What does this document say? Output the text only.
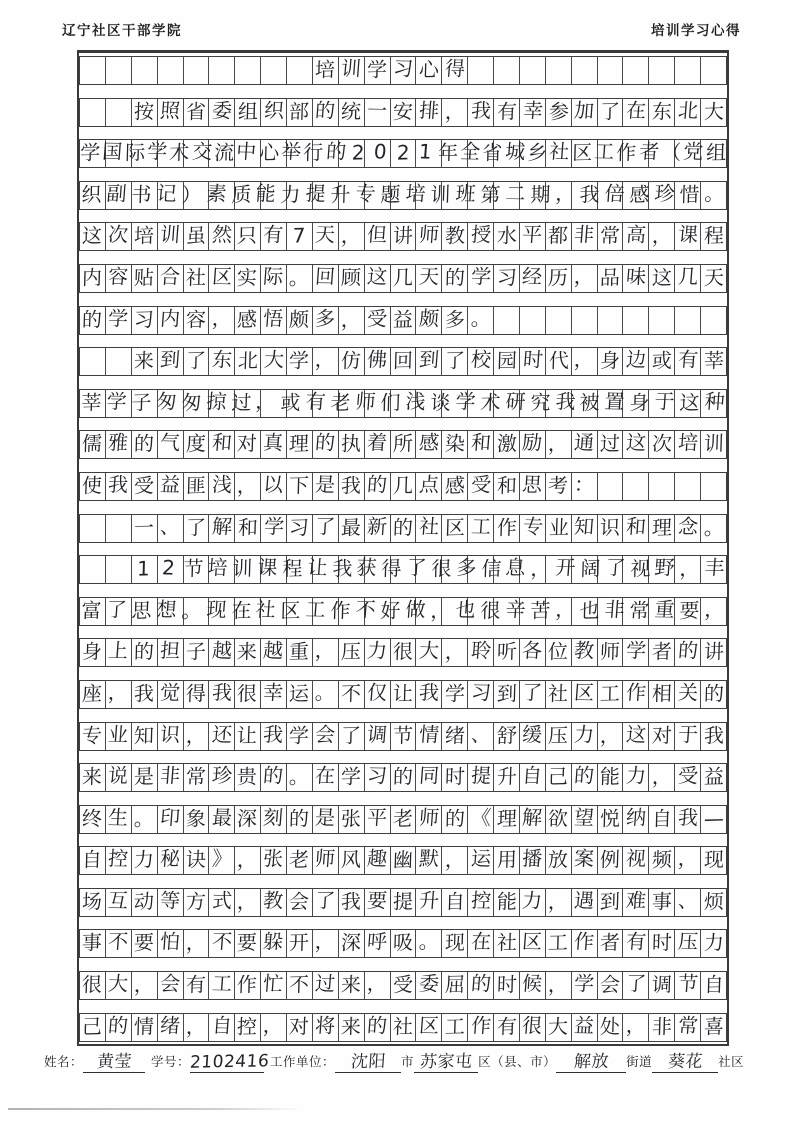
辽宁社区干部学院	培训学习心得
培 训 学 习 心 得
按 照 省 委 组 织 部 的 统 一 安 排 ， 我 有 幸 参 加 了 在 东 北 大
学 国 际 学 术 交 流 中 心 举 行 的 2 0 2 1 年 全 省 城 乡 社 区 工 作 者 （ 党 组
织 副 书 记 ） 素 质 能 力 提 升 专 题 培 训 班 第 二 期 ， 我 倍 感 珍 惜 。
这 次 培 训 虽 然 只 有 7 天 ， 但 讲 师 教 授 水 平 都 非 常 高 ， 课 程
内 容 贴 合 社 区 实 际 。 回 顾 这 几 天 的 学 习 经 历 ， 品 味 这 几 天
的 学 习 内 容 ， 感 悟 颇 多 ， 受 益 颇 多 。
来 到 了 东 北 大 学 ， 仿 佛 回 到 了 校 园 时 代 ， 身 边 或 有 莘
莘 学 子 匆 匆 掠 过 ， 或 有 老 师 们 浅 谈 学 术 研 究 我 被 置 身 于 这 种
儒 雅 的 气 度 和 对 真 理 的 执 着 所 感 染 和 激 励 ， 通 过 这 次 培 训
使 我 受 益 匪 浅 ， 以 下 是 我 的 几 点 感 受 和 思 考 ：
一 、 了 解 和 学 习 了 最 新 的 社 区 工 作 专 业 知 识 和 理 念 。
1 2 节 培 训 课 程 让 我 获 得 了 很 多 信 息 ， 开 阔 了 视 野 ， 丰
富 了 思 想 。 现 在 社 区 工 作 不 好 做 ， 也 很 辛 苦 ， 也 非 常 重 要 ，
身 上 的 担 子 越 来 越 重 ， 压 力 很 大 ， 聆 听 各 位 教 师 学 者 的 讲
座 ， 我 觉 得 我 很 幸 运 。 不 仅 让 我 学 习 到 了 社 区 工 作 相 关 的
专 业 知 识 ， 还 让 我 学 会 了 调 节 情 绪 、 舒 缓 压 力 ， 这 对 于 我
来 说 是 非 常 珍 贵 的 。 在 学 习 的 同 时 提 升 自 己 的 能 力 ， 受 益
终 生 。 印 象 最 深 刻 的 是 张 平 老 师 的 《 理 解 欲 望 悦 纳 自 我 —
自 控 力 秘 诀 》 ， 张 老 师 风 趣 幽 默 ， 运 用 播 放 案 例 视 频 ， 现
场 互 动 等 方 式 ， 教 会 了 我 要 提 升 自 控 能 力 ， 遇 到 难 事 、 烦
事 不 要 怕 ， 不 要 躲 开 ， 深 呼 吸 。 现 在 社 区 工 作 者 有 时 压 力
很 大 ， 会 有 工 作 忙 不 过 来 ， 受 委 屈 的 时 候 ， 学 会 了 调 节 自
己 的 情 绪 ， 自 控 ， 对 将 来 的 社 区 工 作 有 很 大 益 处 ， 非 常 喜
姓名： 黄莹	学号： 2102416 工作单位： 沈阳	市 苏家屯 区（县、市） 解放	街道 葵花	社区
